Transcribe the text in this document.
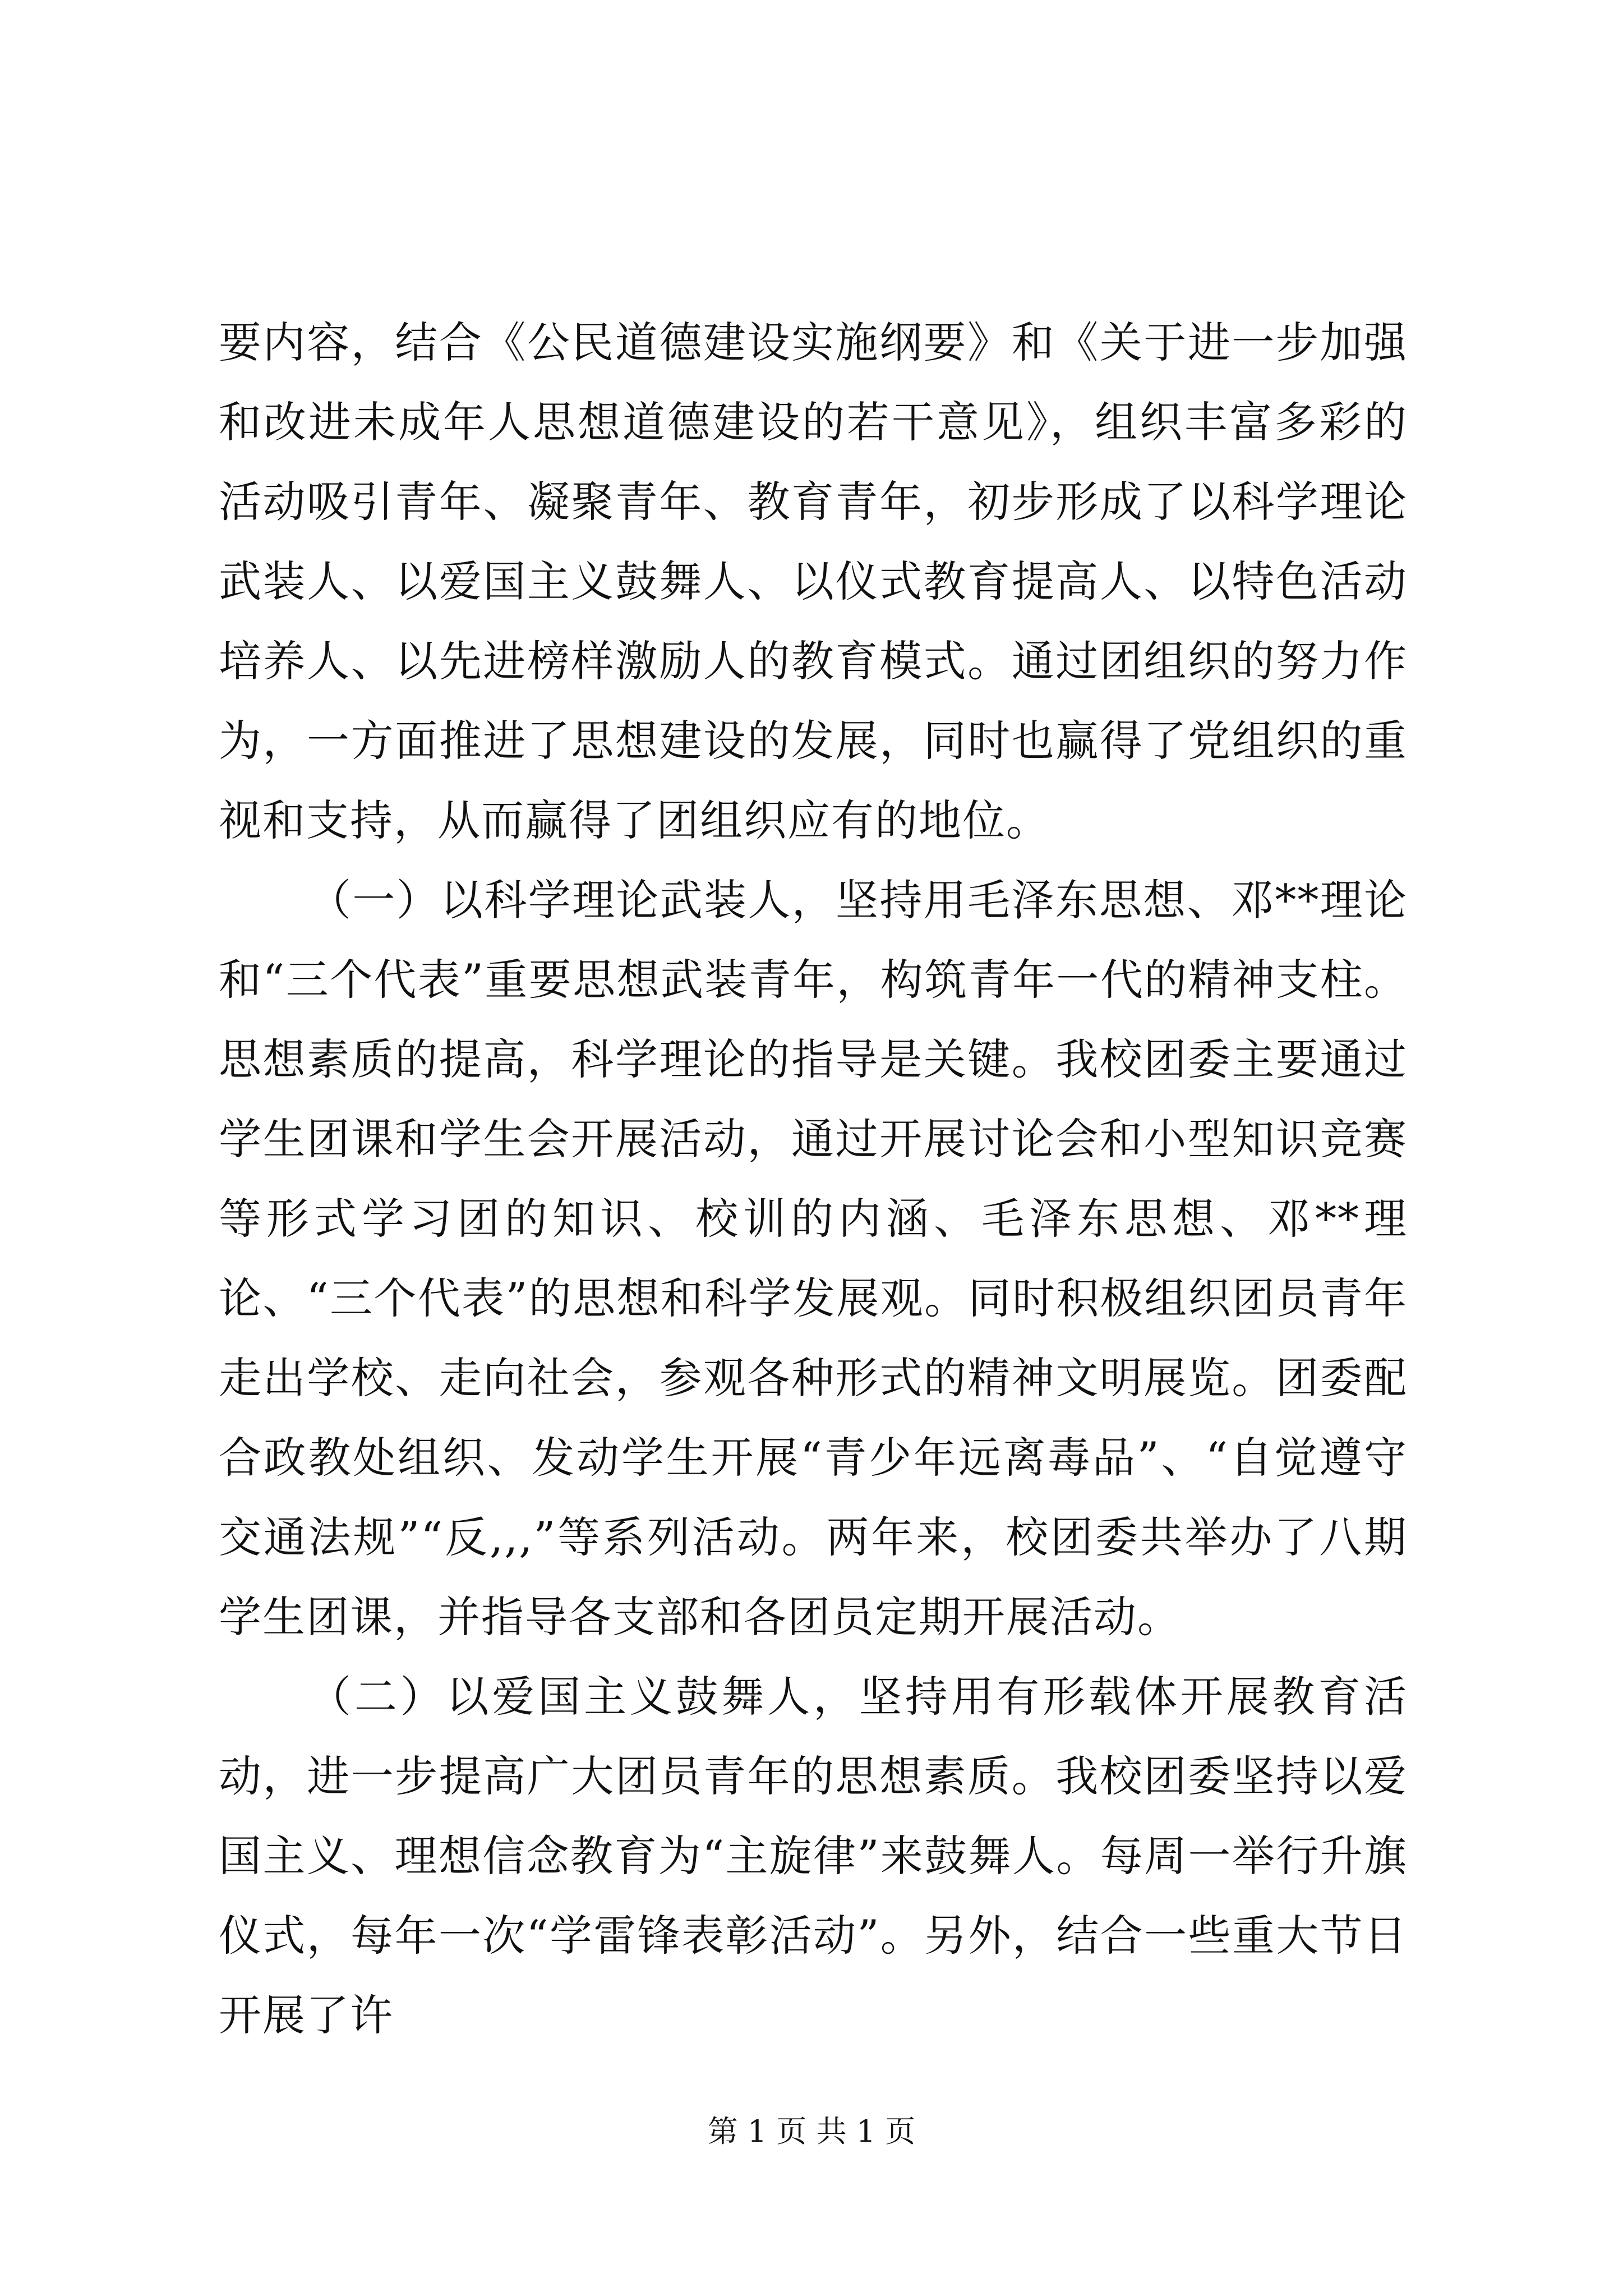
要内容，结合《公民道德建设实施纲要》和《关于进一步加强和改进未成年人思想道德建设的若干意见》，组织丰富多彩的活动吸引青年、凝聚青年、教育青年，初步形成了以科学理论武装人、以爱国主义鼓舞人、以仪式教育提高人、以特色活动培养人、以先进榜样激励人的教育模式。通过团组织的努力作为，一方面推进了思想建设的发展，同时也赢得了党组织的重视和支持，从而赢得了团组织应有的地位。

（一）以科学理论武装人，坚持用毛泽东思想、邓**理论和“三个代表”重要思想武装青年，构筑青年一代的精神支柱。思想素质的提高，科学理论的指导是关键。我校团委主要通过学生团课和学生会开展活动，通过开展讨论会和小型知识竞赛等形式学习团的知识、校训的内涵、毛泽东思想、邓**理论、“三个代表”的思想和科学发展观。同时积极组织团员青年走出学校、走向社会，参观各种形式的精神文明展览。团委配合政教处组织、发动学生开展“青少年远离毒品”、“自觉遵守交通法规”“反,,,”等系列活动。两年来，校团委共举办了八期学生团课，并指导各支部和各团员定期开展活动。

（二）以爱国主义鼓舞人，坚持用有形载体开展教育活动，进一步提高广大团员青年的思想素质。我校团委坚持以爱国主义、理想信念教育为“主旋律”来鼓舞人。每周一举行升旗仪式，每年一次“学雷锋表彰活动”。另外，结合一些重大节日开展了许

第 1 页 共 1 页
